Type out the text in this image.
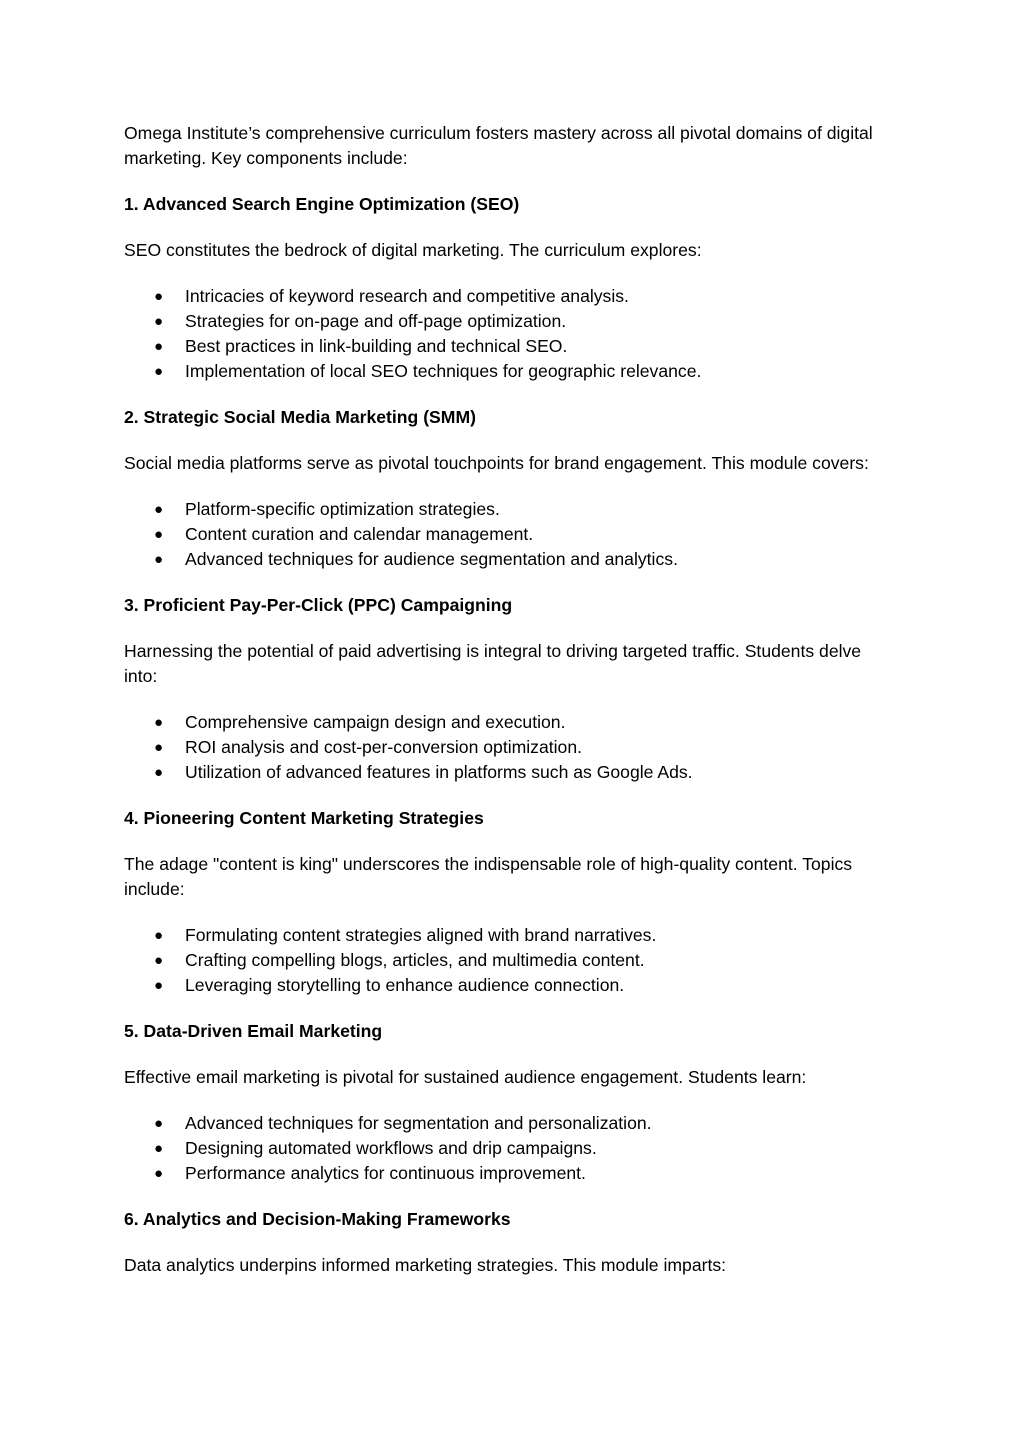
Omega Institute’s comprehensive curriculum fosters mastery across all pivotal domains of digital marketing. Key components include:

1. Advanced Search Engine Optimization (SEO)

SEO constitutes the bedrock of digital marketing. The curriculum explores:

● Intricacies of keyword research and competitive analysis.
● Strategies for on-page and off-page optimization.
● Best practices in link-building and technical SEO.
● Implementation of local SEO techniques for geographic relevance.

2. Strategic Social Media Marketing (SMM)

Social media platforms serve as pivotal touchpoints for brand engagement. This module covers:

● Platform-specific optimization strategies.
● Content curation and calendar management.
● Advanced techniques for audience segmentation and analytics.

3. Proficient Pay-Per-Click (PPC) Campaigning

Harnessing the potential of paid advertising is integral to driving targeted traffic. Students delve into:

● Comprehensive campaign design and execution.
● ROI analysis and cost-per-conversion optimization.
● Utilization of advanced features in platforms such as Google Ads.

4. Pioneering Content Marketing Strategies

The adage "content is king" underscores the indispensable role of high-quality content. Topics include:

● Formulating content strategies aligned with brand narratives.
● Crafting compelling blogs, articles, and multimedia content.
● Leveraging storytelling to enhance audience connection.

5. Data-Driven Email Marketing

Effective email marketing is pivotal for sustained audience engagement. Students learn:

● Advanced techniques for segmentation and personalization.
● Designing automated workflows and drip campaigns.
● Performance analytics for continuous improvement.

6. Analytics and Decision-Making Frameworks

Data analytics underpins informed marketing strategies. This module imparts:
